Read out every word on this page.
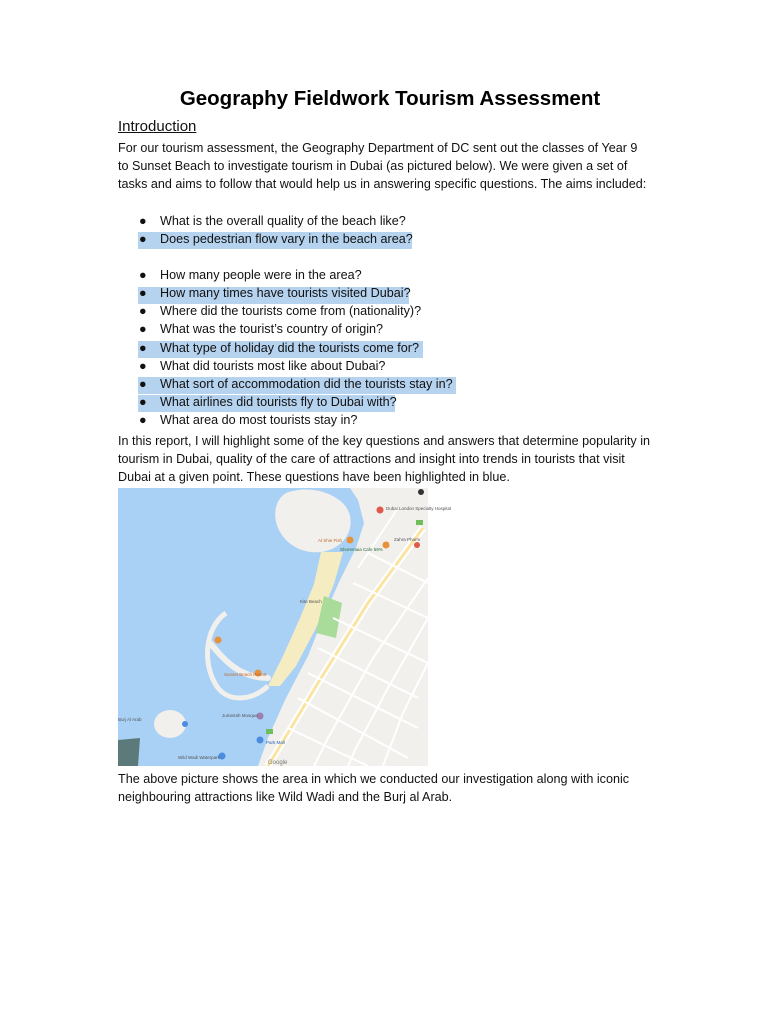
Geography Fieldwork Tourism Assessment
Introduction
For our tourism assessment, the Geography Department of DC sent out the classes of Year 9
to Sunset Beach to investigate tourism in Dubai (as pictured below). We were given a set of
tasks and aims to follow that would help us in answering specific questions. The aims included:
● What is the overall quality of the beach like?
● Does pedestrian flow vary in the beach area?
● How many people were in the area?
● How many times have tourists visited Dubai?
● Where did the tourists come from (nationality)?
● What was the tourist’s country of origin?
● What type of holiday did the tourists come for?
● What did tourists most like about Dubai?
● What sort of accommodation did the tourists stay in?
● What airlines did tourists fly to Dubai with?
● What area do most tourists stay in?
In this report, I will highlight some of the key questions and answers that determine popularity in
tourism in Dubai, quality of the care of attractions and insight into trends in tourists that visit
Dubai at a given point. These questions have been highlighted in blue.
Dubai London Specialty Hospital
Al Shie Fish
Shoremaia Cafe 59%
Zahra Pharm
Kite Beach
Sunset Beach Resort
Jumeirah Mosque
Park Mall
Wild Wadi Waterpark
Burj Al Arab
Google
The above picture shows the area in which we conducted our investigation along with iconic
neighbouring attractions like Wild Wadi and the Burj al Arab.
